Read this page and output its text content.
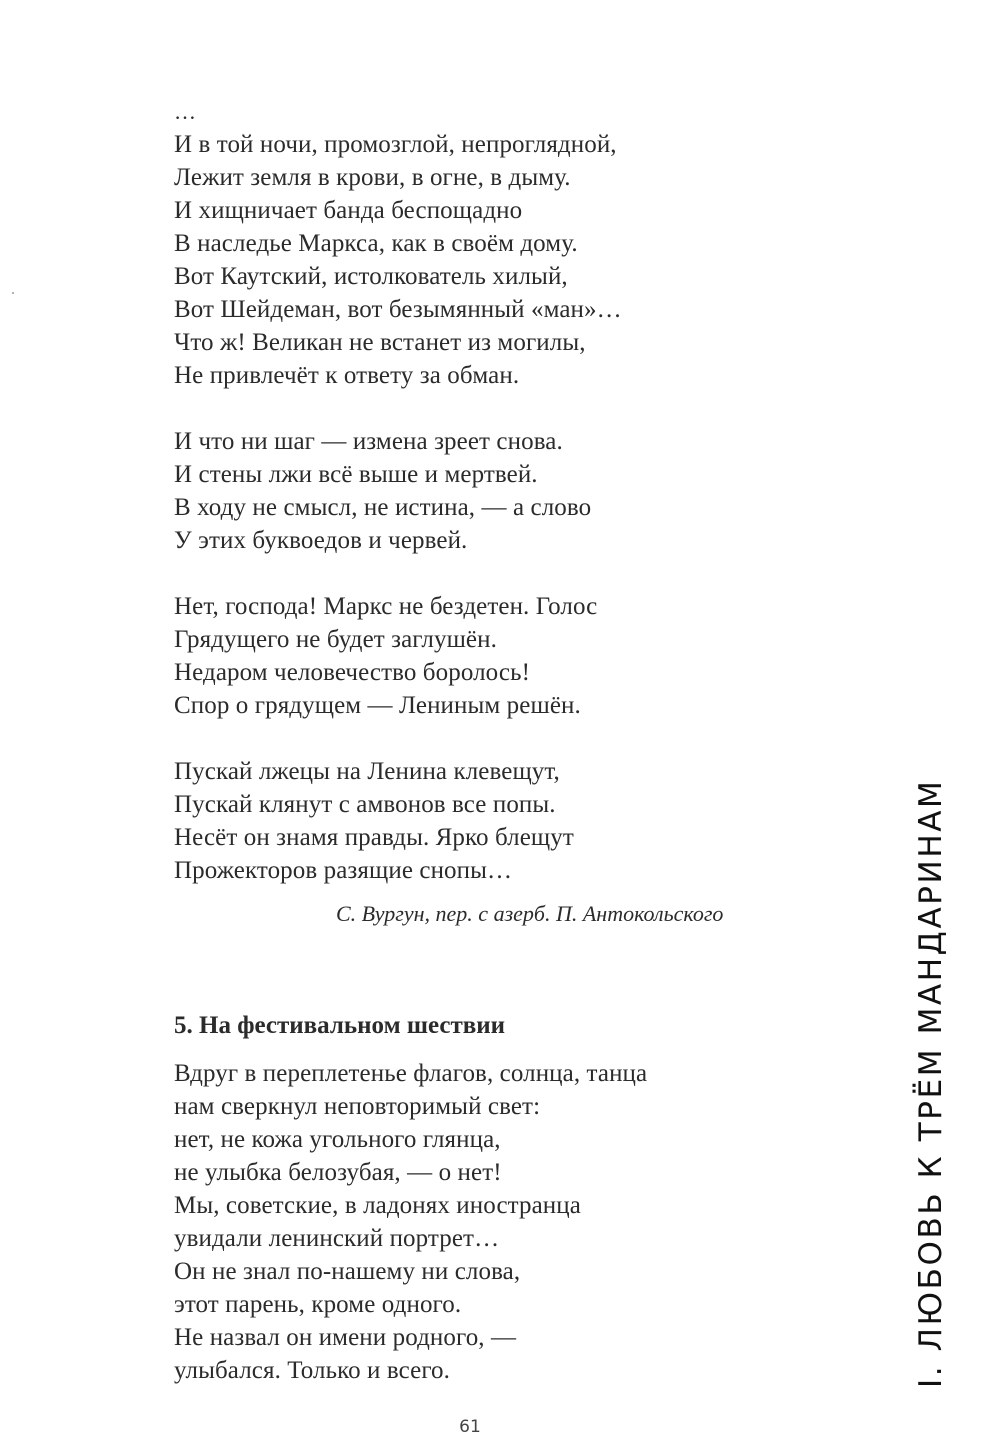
…
И в той ночи, промозглой, непроглядной,
Лежит земля в крови, в огне, в дыму.
И хищничает банда беспощадно
В наследье Маркса, как в своём дому.
Вот Каутский, истолкователь хилый,
Вот Шейдеман, вот безымянный «ман»…
Что ж! Великан не встанет из могилы,
Не привлечёт к ответу за обман.
И что ни шаг — измена зреет снова.
И стены лжи всё выше и мертвей.
В ходу не смысл, не истина, — а слово
У этих буквоедов и червей.
Нет, господа! Маркс не бездетен. Голос
Грядущего не будет заглушён.
Недаром человечество боролось!
Спор о грядущем — Лениным решён.
Пускай лжецы на Ленина клевещут,
Пускай клянут с амвонов все попы.
Несёт он знамя правды. Ярко блещут
Прожекторов разящие снопы…
С. Вургун, пер. с азерб. П. Антокольского
5. На фестивальном шествии
Вдруг в переплетенье флагов, солнца, танца
нам сверкнул неповторимый свет:
нет, не кожа угольного глянца,
не улыбка белозубая, — о нет!
Мы, советские, в ладонях иностранца
увидали ленинский портрет…
Он не знал по-нашему ни слова,
этот парень, кроме одного.
Не назвал он имени родного, —
улыбался. Только и всего.	I. ЛЮБОВЬ К ТРЁМ МАНДАРИНАМ
61
